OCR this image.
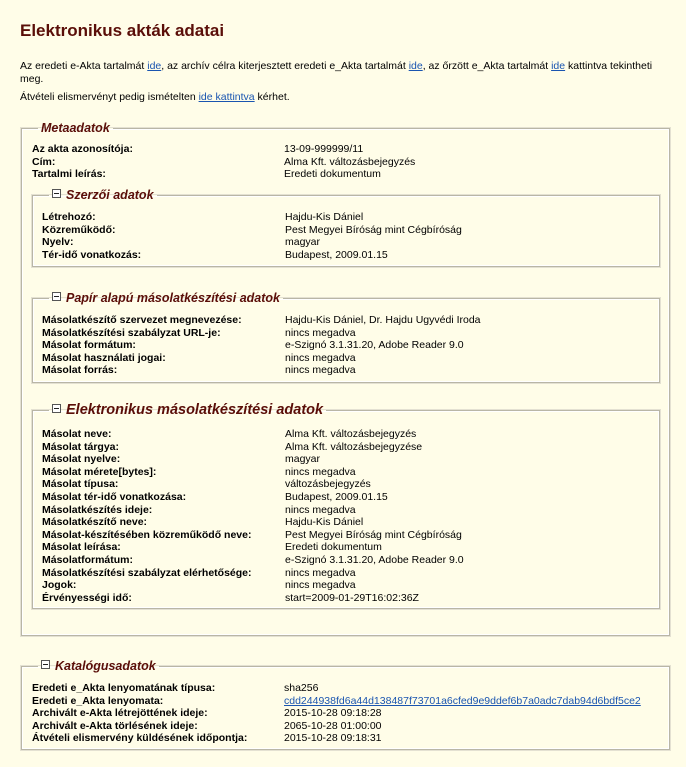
Elektronikus akták adatai
Az eredeti e-Akta tartalmát ide, az archív célra kiterjesztett eredeti e_Akta tartalmát ide, az őrzött e_Akta tartalmát ide kattintva tekintheti meg.
Átvételi elismervényt pedig ismételten ide kattintva kérhet.
Metaadatok
Az akta azonosítója:	13-09-999999/11
Cím:	Alma Kft. változásbejegyzés
Tartalmi leírás:	Eredeti dokumentum
Szerzői adatok
Létrehozó:	Hajdu-Kis Dániel
Közreműködő:	Pest Megyei Bíróság mint Cégbíróság
Nyelv:	magyar
Tér-idő vonatkozás:	Budapest, 2009.01.15
Papír alapú másolatkészítési adatok
Másolatkészítő szervezet megnevezése:	Hajdu-Kis Dániel, Dr. Hajdu Ugyvédi Iroda
Másolatkészítési szabályzat URL-je:	nincs megadva
Másolat formátum:	e-Szignó 3.1.31.20, Adobe Reader 9.0
Másolat használati jogai:	nincs megadva
Másolat forrás:	nincs megadva
Elektronikus másolatkészítési adatok
Másolat neve:	Alma Kft. változásbejegyzés
Másolat tárgya:	Alma Kft. változásbejegyzése
Másolat nyelve:	magyar
Másolat mérete[bytes]:	nincs megadva
Másolat típusa:	változásbejegyzés
Másolat tér-idő vonatkozása:	Budapest, 2009.01.15
Másolatkészítés ideje:	nincs megadva
Másolatkészítő neve:	Hajdu-Kis Dániel
Másolat-készítésében közreműködő neve:	Pest Megyei Bíróság mint Cégbíróság
Másolat leírása:	Eredeti dokumentum
Másolatformátum:	e-Szignó 3.1.31.20, Adobe Reader 9.0
Másolatkészítési szabályzat elérhetősége:	nincs megadva
Jogok:	nincs megadva
Érvényességi idő:	start=2009-01-29T16:02:36Z
Katalógusadatok
Eredeti e_Akta lenyomatának típusa:	sha256
Eredeti e_Akta lenyomata:	cdd244938fd6a44d138487f73701a6cfed9e9ddef6b7a0adc7dab94d6bdf5ce2
Archivált e-Akta létrejöttének ideje:	2015-10-28 09:18:28
Archivált e-Akta törlésének ideje:	2065-10-28 01:00:00
Átvételi elismervény küldésének időpontja:	2015-10-28 09:18:31
